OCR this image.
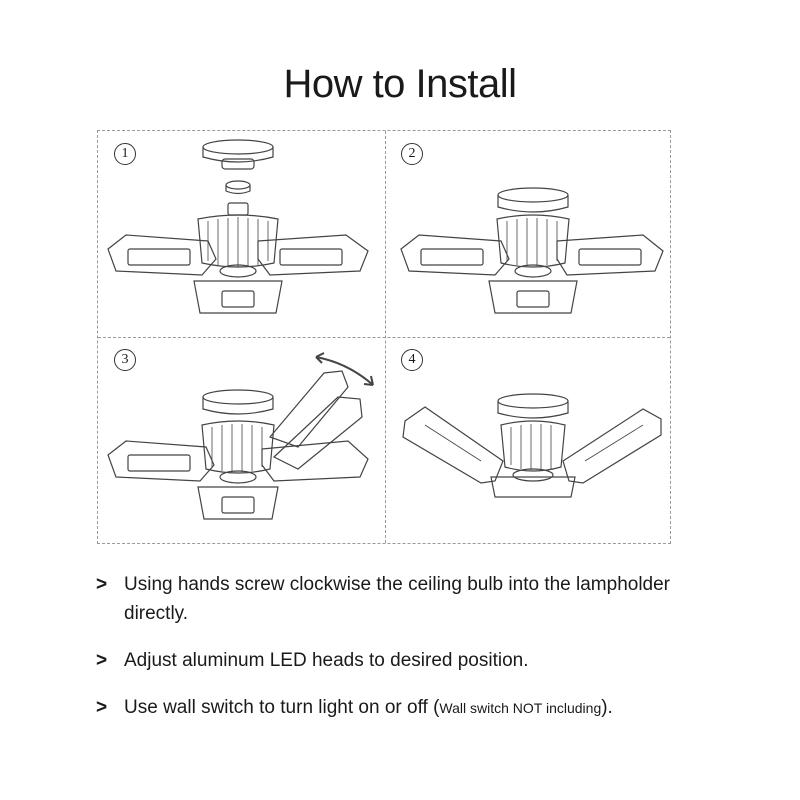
How to Install
1	2
3	4
> Using hands screw clockwise the ceiling bulb into the lampholder directly.
> Adjust aluminum LED heads to desired position.
> Use wall switch to turn light on or off (Wall switch NOT including).
